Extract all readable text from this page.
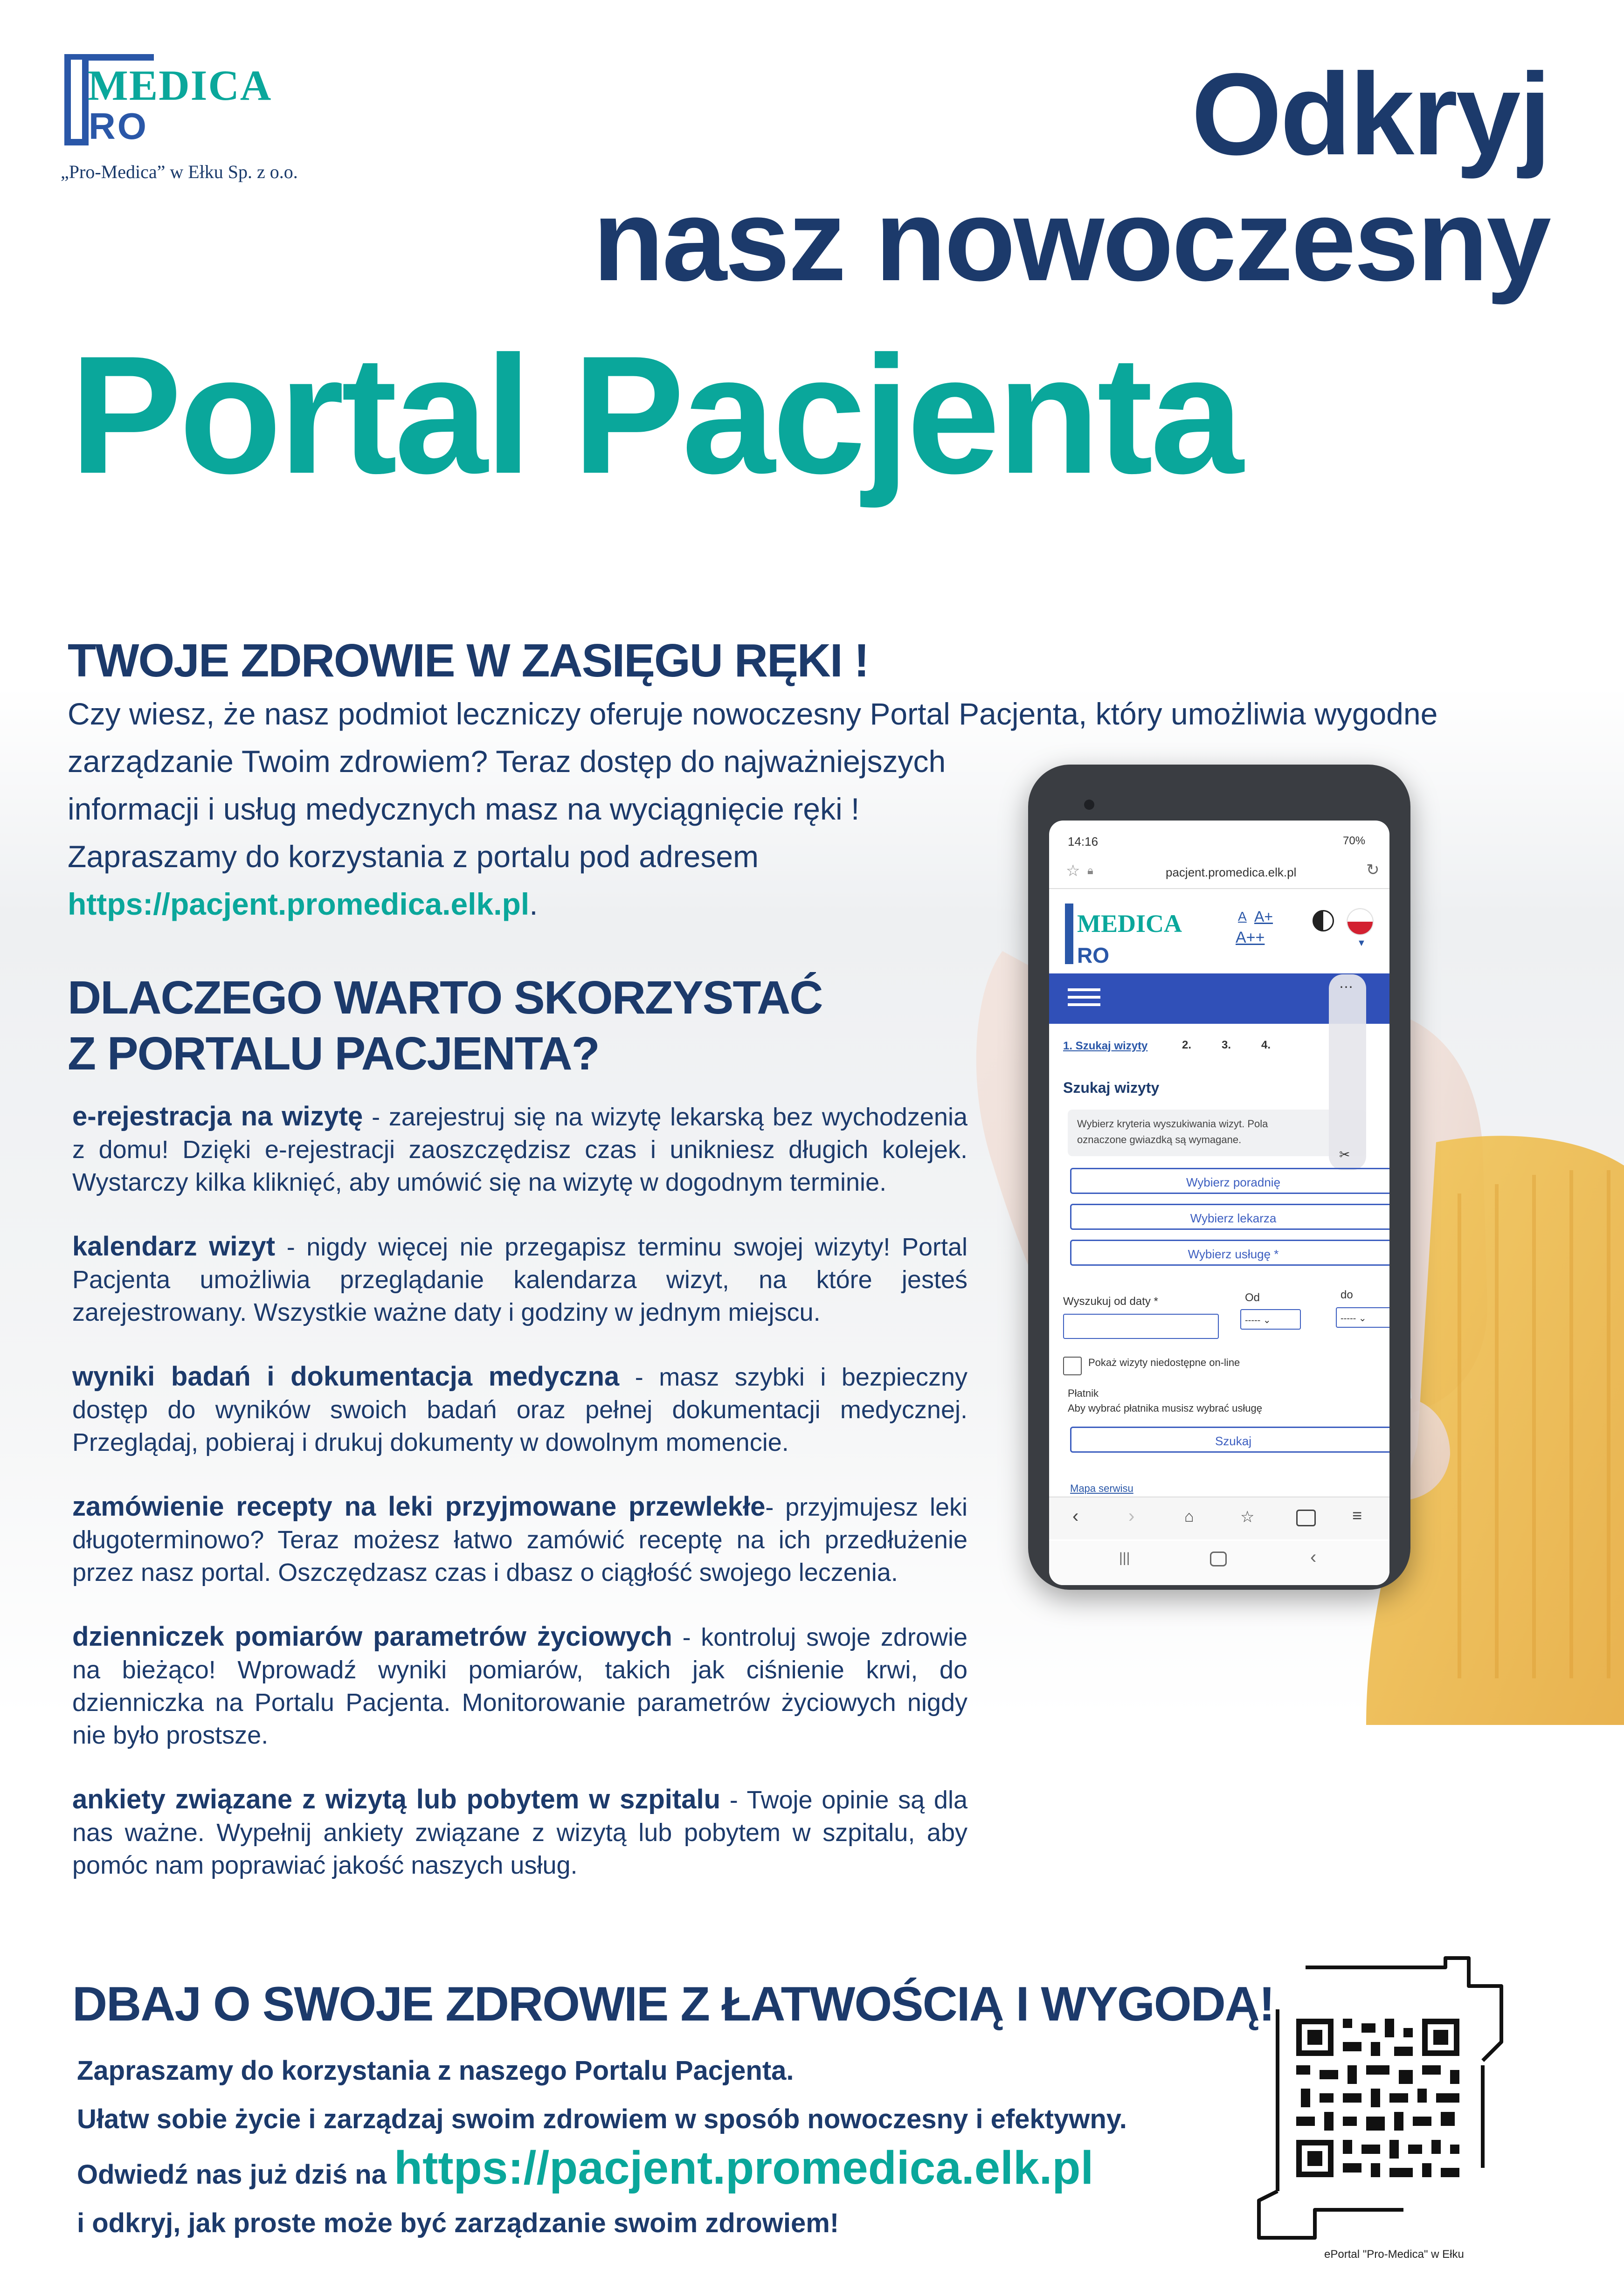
MEDICA
RO
„Pro-Medica” w Ełku Sp. z o.o.	Odkryj
nasz nowoczesny
Portal Pacjenta
TWOJE ZDROWIE W ZASIĘGU RĘKI !
Czy wiesz, że nasz podmiot leczniczy oferuje nowoczesny Portal Pacjenta, który umożliwia wygodne
zarządzanie Twoim zdrowiem? Teraz dostęp do najważniejszych
informacji i usług medycznych masz na wyciągnięcie ręki !
Zapraszamy do korzystania z portalu pod adresem
https://pacjent.promedica.elk.pl.
DLACZEGO WARTO SKORZYSTAĆ
Z PORTALU PACJENTA?
e-rejestracja na wizytę - zarejestruj się na wizytę lekarską bez wychodzenia z domu! Dzięki e-rejestracji zaoszczędzisz czas i unikniesz długich kolejek. Wystarczy kilka kliknięć, aby umówić się na wizytę w dogodnym terminie.
kalendarz wizyt - nigdy więcej nie przegapisz terminu swojej wizyty! Portal Pacjenta umożliwia przeglądanie kalendarza wizyt, na które jesteś zarejestrowany. Wszystkie ważne daty i godziny w jednym miejscu.
wyniki badań i dokumentacja medyczna - masz szybki i bezpieczny dostęp do wyników swoich badań oraz pełnej dokumentacji medycznej. Przeglądaj, pobieraj i drukuj dokumenty w dowolnym momencie.
zamówienie recepty na leki przyjmowane przewlekłe- przyjmujesz leki długoterminowo? Teraz możesz łatwo zamówić receptę na ich przedłużenie przez nasz portal. Oszczędzasz czas i dbasz o ciągłość swojego leczenia.
dzienniczek pomiarów parametrów życiowych - kontroluj swoje zdrowie na bieżąco! Wprowadź wyniki pomiarów, takich jak ciśnienie krwi, do dzienniczka na Portalu Pacjenta. Monitorowanie parametrów życiowych nigdy nie było prostsze.
ankiety związane z wizytą lub pobytem w szpitalu - Twoje opinie są dla nas ważne. Wypełnij ankiety związane z wizytą lub pobytem w szpitalu, aby pomóc nam poprawiać jakość naszych usług.
14:16	70%
☆ 🔒︎	pacjent.promedica.elk.pl	↻
MEDICA
RO
A A+
A++	▼
1. Szukaj wizyty	2.	3.	4.
Szukaj wizyty
Wybierz kryteria wyszukiwania wizyt. Pola
oznaczone gwiazdką są wymagane.
⋯
✂
Wybierz poradnię
Wybierz lekarza
Wybierz usługę *
Wyszukuj od daty *	Od
----- ⌄
do
----- ⌄
Pokaż wizyty niedostępne on-line
Płatnik
Aby wybrać płatnika musisz wybrać usługę
Szukaj
Mapa serwisu
‹	›	⌂	☆	≡
|||	‹
DBAJ O SWOJE ZDROWIE Z ŁATWOŚCIĄ I WYGODĄ!
Zapraszamy do korzystania z naszego Portalu Pacjenta.
Ułatw sobie życie i zarządzaj swoim zdrowiem w sposób nowoczesny i efektywny.
Odwiedź nas już dziś na https://pacjent.promedica.elk.pl
i odkryj, jak proste może być zarządzanie swoim zdrowiem!
ePortal "Pro-Medica" w Ełku
